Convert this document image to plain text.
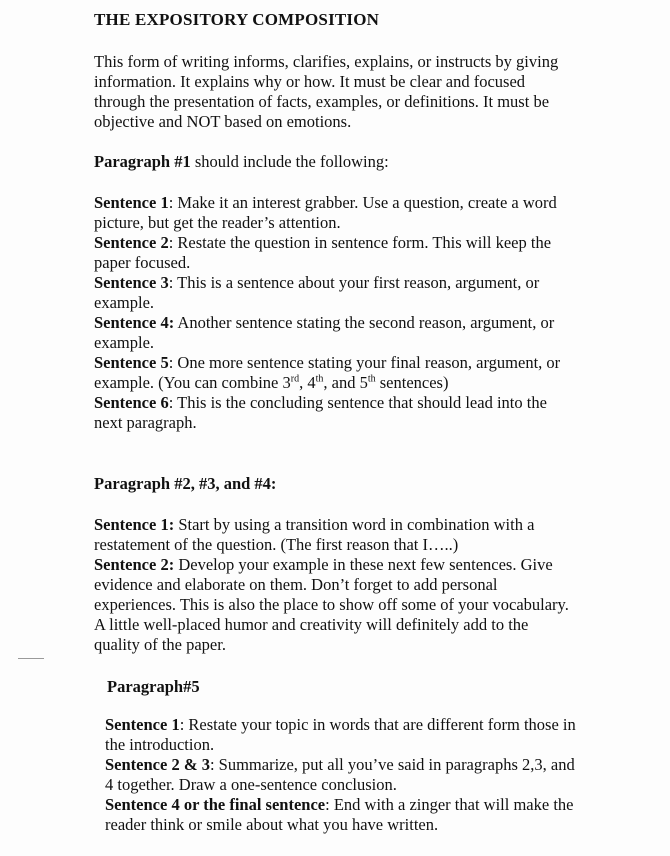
THE EXPOSITORY COMPOSITION
This form of writing informs, clarifies, explains, or instructs by giving information. It explains why or how. It must be clear and focused through the presentation of facts, examples, or definitions. It must be objective and NOT based on emotions.
Paragraph #1 should include the following:

Sentence 1: Make it an interest grabber. Use a question, create a word picture, but get the reader’s attention.

Sentence 2: Restate the question in sentence form. This will keep the paper focused.

Sentence 3: This is a sentence about your first reason, argument, or example.

Sentence 4: Another sentence stating the second reason, argument, or example.

Sentence 5: One more sentence stating your final reason, argument, or example. (You can combine 3rd, 4th, and 5th sentences)

Sentence 6: This is the concluding sentence that should lead into the next paragraph.

Paragraph #2, #3, and #4:

Sentence 1: Start by using a transition word in combination with a restatement of the question. (The first reason that I…..)

Sentence 2: Develop your example in these next few sentences. Give evidence and elaborate on them. Don’t forget to add personal experiences. This is also the place to show off some of your vocabulary. A little well-placed humor and creativity will definitely add to the quality of the paper.

Paragraph#5

Sentence 1: Restate your topic in words that are different form those in the introduction.

Sentence 2 & 3: Summarize, put all you’ve said in paragraphs 2,3, and 4 together. Draw a one-sentence conclusion.

Sentence 4 or the final sentence: End with a zinger that will make the reader think or smile about what you have written.
